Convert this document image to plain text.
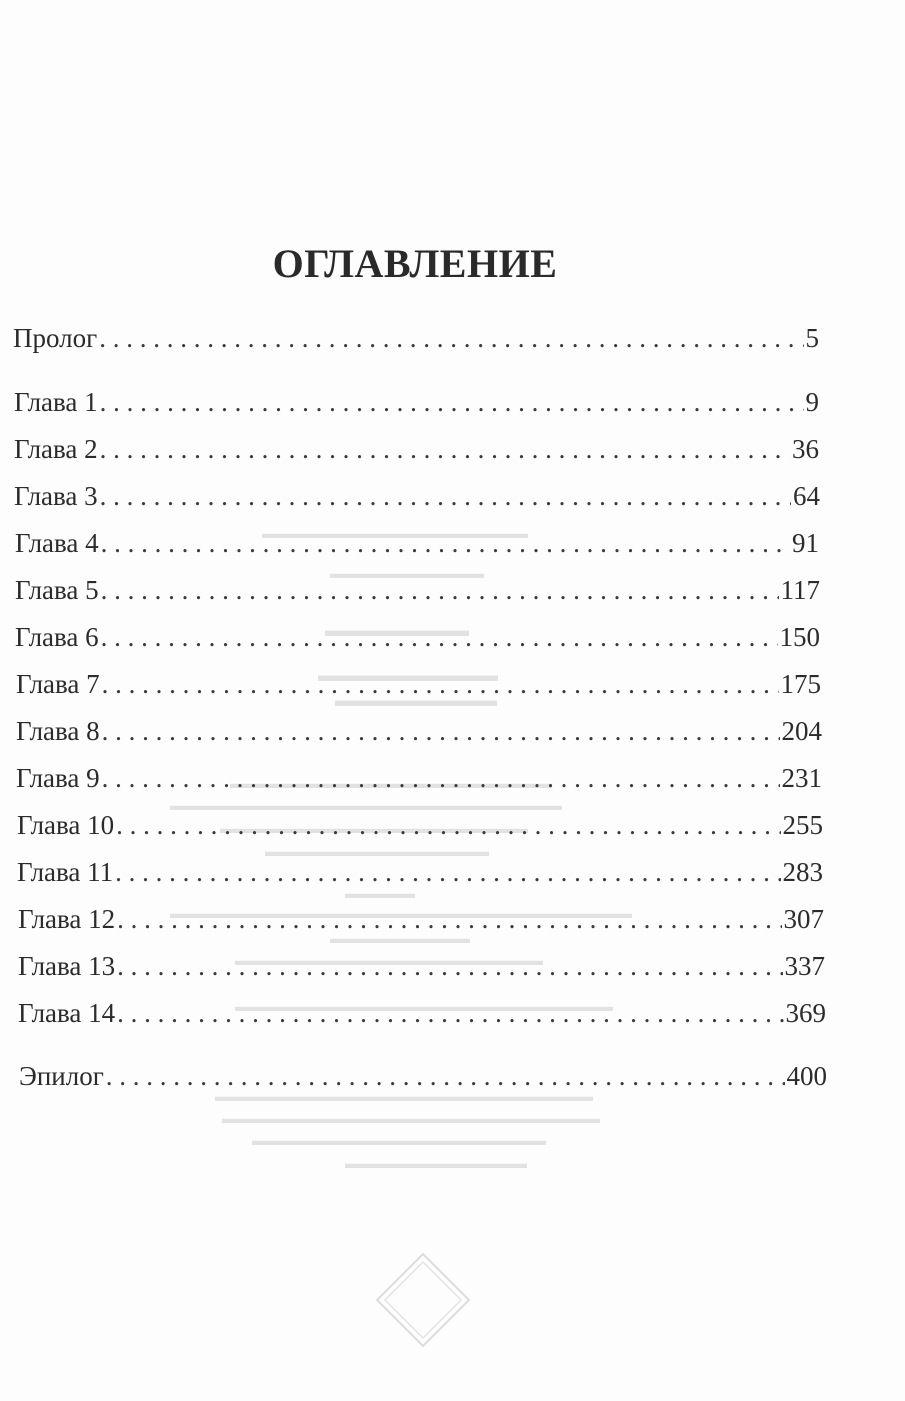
▬▬▬▬▬▬▬▬▬▬▬▬▬▬▬▬▬▬▬
▬▬▬▬▬▬▬▬▬▬▬
▬▬▬▬▬▬▬▬
▬▬▬▬▬▬▬▬▬▬
▬▬▬▬▬▬▬▬▬
▬▬▬▬▬▬▬▬▬▬▬▬▬▬▬▬▬▬▬▬▬▬▬
▬▬▬▬▬▬▬▬▬▬▬▬▬▬▬▬▬▬▬▬▬▬▬▬▬▬▬▬
▬▬▬▬▬▬▬▬▬▬▬▬▬▬▬▬▬▬▬▬▬▬
▬▬▬▬▬▬▬▬▬▬▬▬▬▬▬▬
▬▬▬▬▬
▬▬▬▬▬▬▬▬▬▬▬▬▬▬▬▬▬▬▬▬▬▬▬▬▬▬▬▬▬▬▬▬▬
▬▬▬▬▬▬▬▬▬▬
▬▬▬▬▬▬▬▬▬▬▬▬▬▬▬▬▬▬▬▬▬▬
▬▬▬▬▬▬▬▬▬▬▬▬▬▬▬▬▬▬▬▬▬▬▬▬▬▬▬
▬▬▬▬▬▬▬▬▬▬▬▬▬▬▬▬▬▬▬▬▬▬▬▬▬▬▬
▬▬▬▬▬▬▬▬▬▬▬▬▬▬▬▬▬▬▬▬▬▬▬▬▬▬▬
▬▬▬▬▬▬▬▬▬▬▬▬▬▬▬▬▬▬▬▬▬
▬▬▬▬▬▬▬▬▬▬▬▬▬
ОГЛАВЛЕНИЕ
Пролог . . .	5
Глава 1 . . .	9
Глава 2 . . .	36
Глава 3 . . .	64
Глава 4 . . .	91
Глава 5 . . .	117
Глава 6 . . .	150
Глава 7 . . .	175
Глава 8 . . .	204
Глава 9 . . .	231
Глава 10 . . .	255
Глава 11 . . .	283
Глава 12 . . .	307
Глава 13 . . .	337
Глава 14 . . .	369
Эпилог . . .	400
